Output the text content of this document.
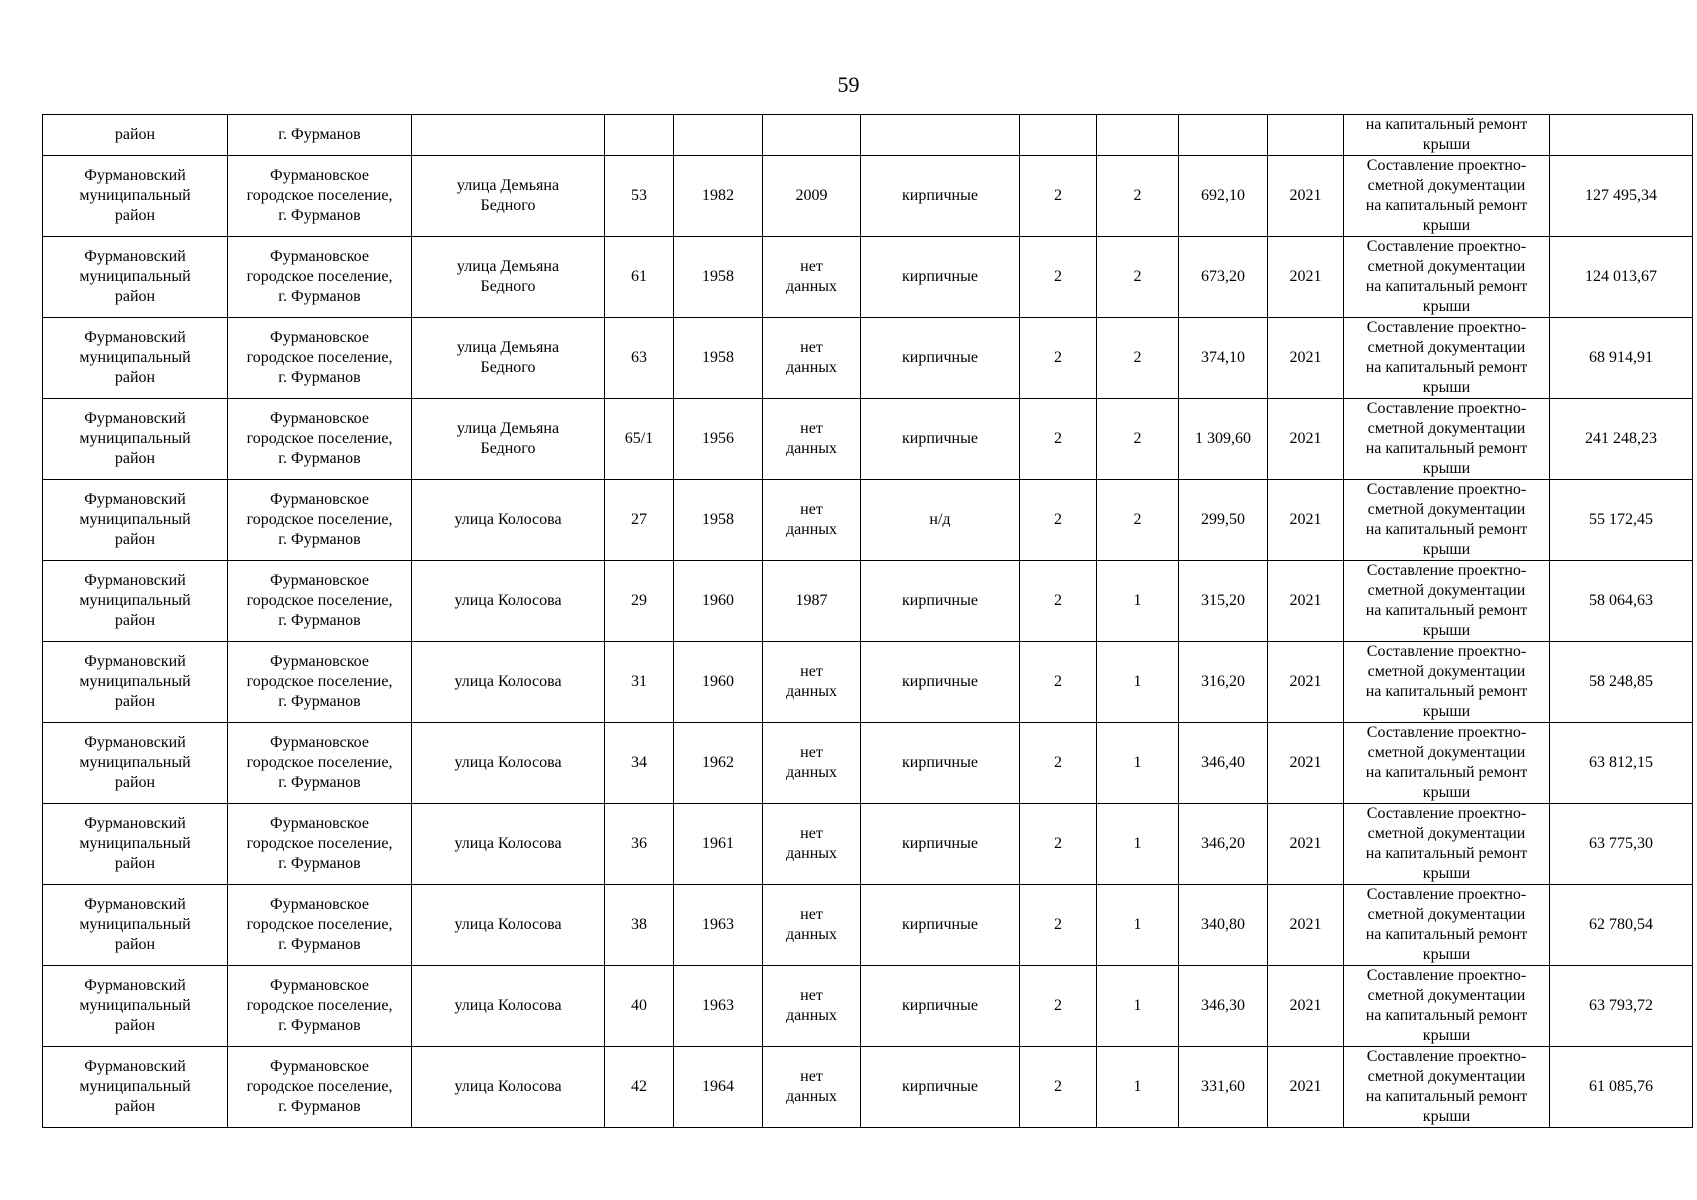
59
район	г. Фурманов										на капитальный ремонт
крыши	

Фурмановский
муниципальный
район	Фурмановское
городское поселение,
г. Фурманов	улица Демьяна
Бедного	53	1982	2009	кирпичные	2	2	692,10	2021	Составление проектно-
сметной документации
на капитальный ремонт
крыши	127 495,34

Фурмановский
муниципальный
район	Фурмановское
городское поселение,
г. Фурманов	улица Демьяна
Бедного	61	1958	нет
данных	кирпичные	2	2	673,20	2021	Составление проектно-
сметной документации
на капитальный ремонт
крыши	124 013,67

Фурмановский
муниципальный
район	Фурмановское
городское поселение,
г. Фурманов	улица Демьяна
Бедного	63	1958	нет
данных	кирпичные	2	2	374,10	2021	Составление проектно-
сметной документации
на капитальный ремонт
крыши	68 914,91

Фурмановский
муниципальный
район	Фурмановское
городское поселение,
г. Фурманов	улица Демьяна
Бедного	65/1	1956	нет
данных	кирпичные	2	2	1 309,60	2021	Составление проектно-
сметной документации
на капитальный ремонт
крыши	241 248,23

Фурмановский
муниципальный
район	Фурмановское
городское поселение,
г. Фурманов	улица Колосова	27	1958	нет
данных	н/д	2	2	299,50	2021	Составление проектно-
сметной документации
на капитальный ремонт
крыши	55 172,45

Фурмановский
муниципальный
район	Фурмановское
городское поселение,
г. Фурманов	улица Колосова	29	1960	1987	кирпичные	2	1	315,20	2021	Составление проектно-
сметной документации
на капитальный ремонт
крыши	58 064,63

Фурмановский
муниципальный
район	Фурмановское
городское поселение,
г. Фурманов	улица Колосова	31	1960	нет
данных	кирпичные	2	1	316,20	2021	Составление проектно-
сметной документации
на капитальный ремонт
крыши	58 248,85

Фурмановский
муниципальный
район	Фурмановское
городское поселение,
г. Фурманов	улица Колосова	34	1962	нет
данных	кирпичные	2	1	346,40	2021	Составление проектно-
сметной документации
на капитальный ремонт
крыши	63 812,15

Фурмановский
муниципальный
район	Фурмановское
городское поселение,
г. Фурманов	улица Колосова	36	1961	нет
данных	кирпичные	2	1	346,20	2021	Составление проектно-
сметной документации
на капитальный ремонт
крыши	63 775,30

Фурмановский
муниципальный
район	Фурмановское
городское поселение,
г. Фурманов	улица Колосова	38	1963	нет
данных	кирпичные	2	1	340,80	2021	Составление проектно-
сметной документации
на капитальный ремонт
крыши	62 780,54

Фурмановский
муниципальный
район	Фурмановское
городское поселение,
г. Фурманов	улица Колосова	40	1963	нет
данных	кирпичные	2	1	346,30	2021	Составление проектно-
сметной документации
на капитальный ремонт
крыши	63 793,72

Фурмановский
муниципальный
район	Фурмановское
городское поселение,
г. Фурманов	улица Колосова	42	1964	нет
данных	кирпичные	2	1	331,60	2021	Составление проектно-
сметной документации
на капитальный ремонт
крыши	61 085,76
